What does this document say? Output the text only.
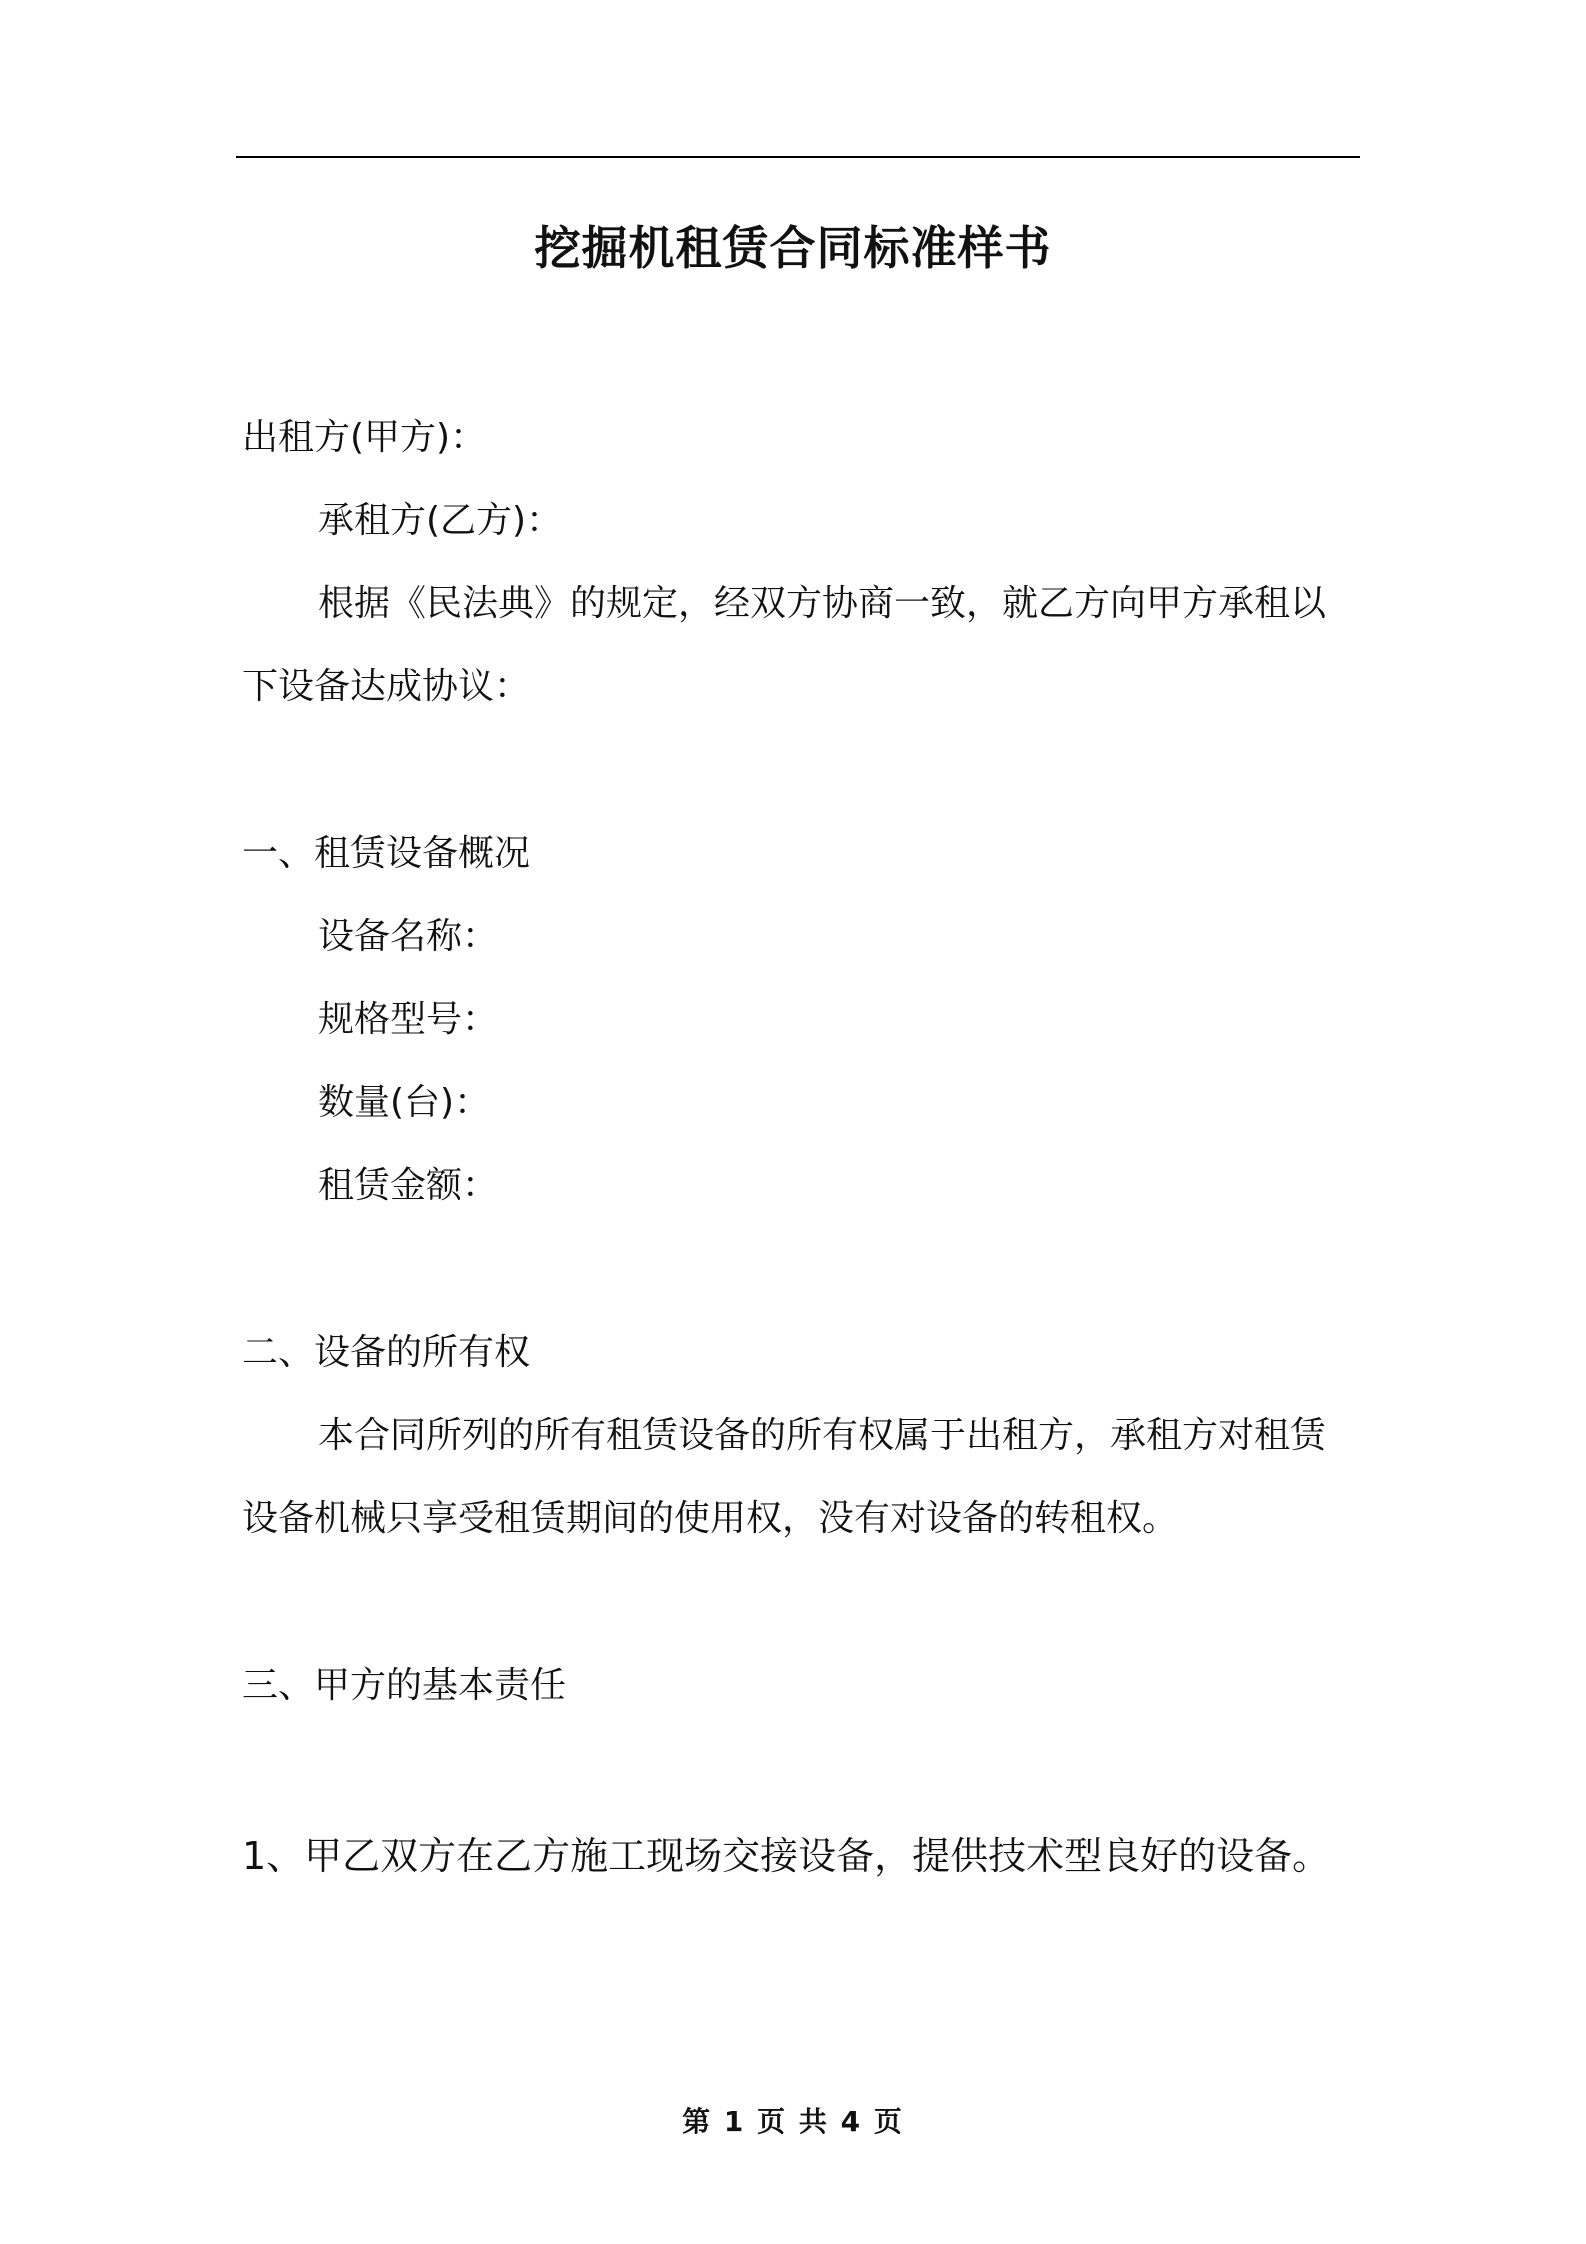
挖掘机租赁合同标准样书
出租方(甲方)：
承租方(乙方)：
根据《民法典》的规定，经双方协商一致，就乙方向甲方承租以
下设备达成协议：
一、租赁设备概况
设备名称：
规格型号：
数量(台)：
租赁金额：
二、设备的所有权
本合同所列的所有租赁设备的所有权属于出租方，承租方对租赁
设备机械只享受租赁期间的使用权，没有对设备的转租权。
三、甲方的基本责任
1、甲乙双方在乙方施工现场交接设备，提供技术型良好的设备。
第 1 页 共 4 页
